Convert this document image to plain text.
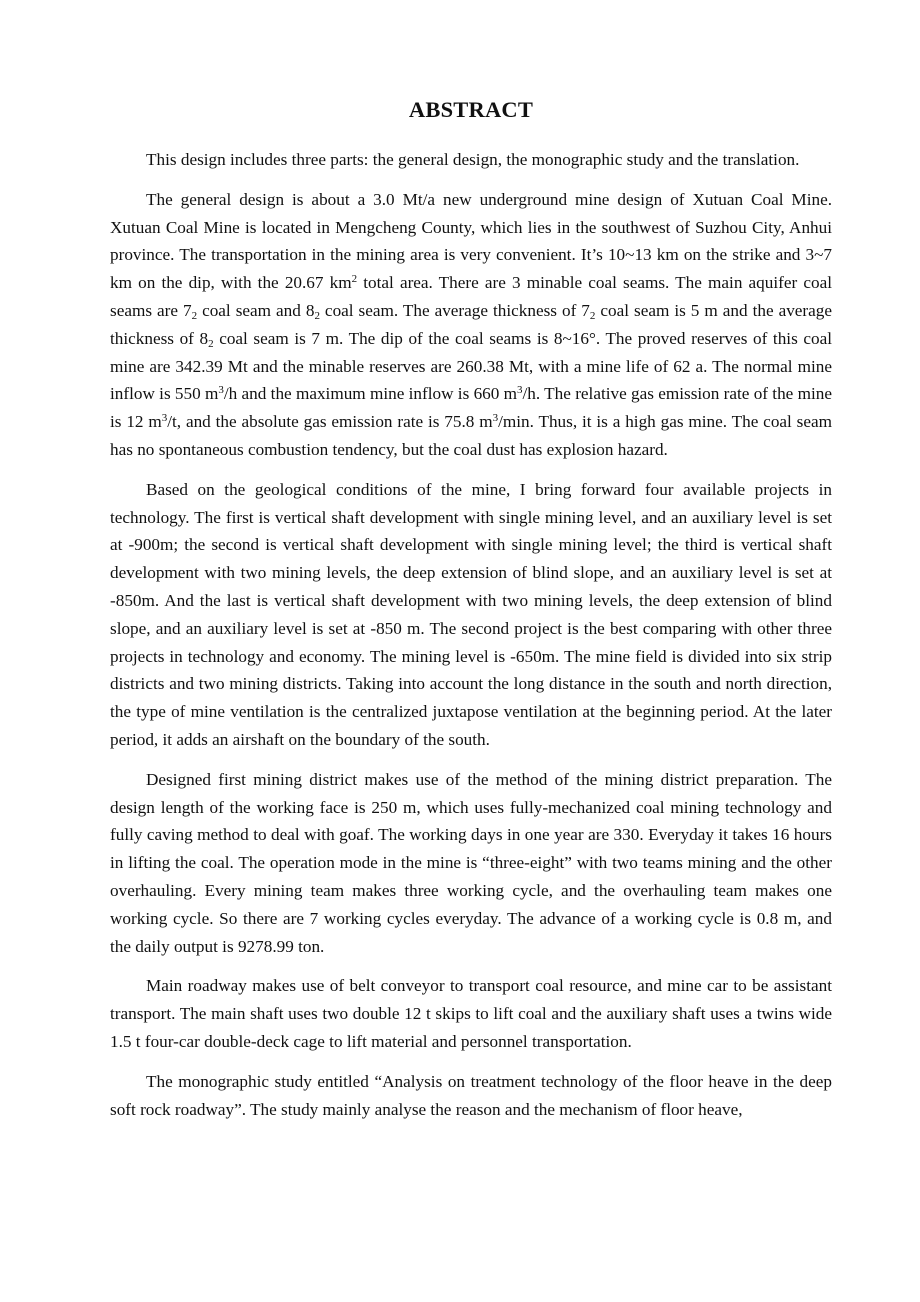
ABSTRACT

This design includes three parts: the general design, the monographic study and the translation.

The general design is about a 3.0 Mt/a new underground mine design of Xutuan Coal Mine. Xutuan Coal Mine is located in Mengcheng County, which lies in the southwest of Suzhou City, Anhui province. The transportation in the mining area is very convenient. It’s 10~13 km on the strike and 3~7 km on the dip, with the 20.67 $km^2$ total area. There are 3 minable coal seams. The main aquifer coal seams are $7_2$ coal seam and $8_2$ coal seam. The average thickness of $7_2$ coal seam is 5 m and the average thickness of $8_2$ coal seam is 7 m. The dip of the coal seams is 8~16°. The proved reserves of this coal mine are 342.39 Mt and the minable reserves are 260.38 Mt, with a mine life of 62 a. The normal mine inflow is 550 $m^3/h$ and the maximum mine inflow is 660 $m^3/h$. The relative gas emission rate of the mine is 12 $m^3/t$, and the absolute gas emission rate is 75.8 $m^3/\min$. Thus, it is a high gas mine. The coal seam has no spontaneous combustion tendency, but the coal dust has explosion hazard.

Based on the geological conditions of the mine, I bring forward four available projects in technology. The first is vertical shaft development with single mining level, and an auxiliary level is set at -900m; the second is vertical shaft development with single mining level; the third is vertical shaft development with two mining levels, the deep extension of blind slope, and an auxiliary level is set at -850m. And the last is vertical shaft development with two mining levels, the deep extension of blind slope, and an auxiliary level is set at -850 m. The second project is the best comparing with other three projects in technology and economy. The mining level is -650m. The mine field is divided into six strip districts and two mining districts. Taking into account the long distance in the south and north direction, the type of mine ventilation is the centralized juxtapose ventilation at the beginning period. At the later period, it adds an airshaft on the boundary of the south.

Designed first mining district makes use of the method of the mining district preparation. The design length of the working face is 250 m, which uses fully-mechanized coal mining technology and fully caving method to deal with goaf. The working days in one year are 330. Everyday it takes 16 hours in lifting the coal. The operation mode in the mine is “three-eight” with two teams mining and the other overhauling. Every mining team makes three working cycle, and the overhauling team makes one working cycle. So there are 7 working cycles everyday. The advance of a working cycle is 0.8 m, and the daily output is 9278.99 ton.

Main roadway makes use of belt conveyor to transport coal resource, and mine car to be assistant transport. The main shaft uses two double 12 t skips to lift coal and the auxiliary shaft uses a twins wide 1.5 t four-car double-deck cage to lift material and personnel transportation.

The monographic study entitled “Analysis on treatment technology of the floor heave in the deep soft rock roadway”. The study mainly analyse the reason and the mechanism of floor heave,
